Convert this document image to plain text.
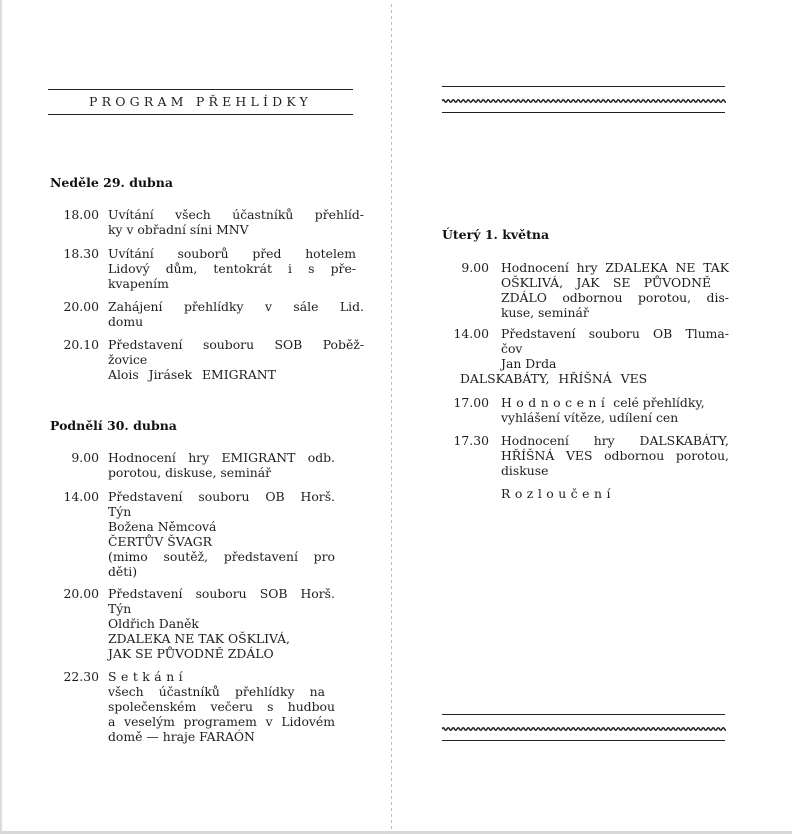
PROGRAM PŘEHLÍDKY
Neděle 29. dubna
18.00 Uvítání všech účastníků přehlíd-
ky v obřadní síni MNV
18.30 Uvítání souborů před hotelem
Lidový dům, tentokrát i s pře-
kvapením
20.00 Zahájení přehlídky v sále Lid.
domu
20.10 Představení souboru SOB Poběž-
žovice
Alois Jirásek EMIGRANT
Podnělí 30. dubna
9.00 Hodnocení hry EMIGRANT odb.
porotou, diskuse, seminář
14.00 Představení souboru OB Horš.
Týn
Božena Němcová
ČERTŮV ŠVAGR
(mimo soutěž, představení pro
děti)
20.00 Představení souboru SOB Horš.
Týn
Oldřich Daněk
ZDALEKA NE TAK OŠKLIVÁ,
JAK SE PŮVODNĚ ZDÁLO
22.30 Setkání
všech účastníků přehlídky na
společenském večeru s hudbou
a veselým programem v Lidovém
domě — hraje FARAÓN
Úterý 1. května
9.00 Hodnocení hry ZDALEKA NE TAK
OŠKLIVÁ, JAK SE PŮVODNĚ
ZDÁLO odbornou porotou, dis-
kuse, seminář
14.00 Představení souboru OB Tluma-
čov
Jan Drda
DALSKABÁTY, HŘÍŠNÁ VES
17.00 Hodnocení celé přehlídky,
vyhlášení vítěze, udílení cen
17.30 Hodnocení hry DALSKABÁTY,
HŘÍŠNÁ VES odbornou porotou,
diskuse
Rozloučení
